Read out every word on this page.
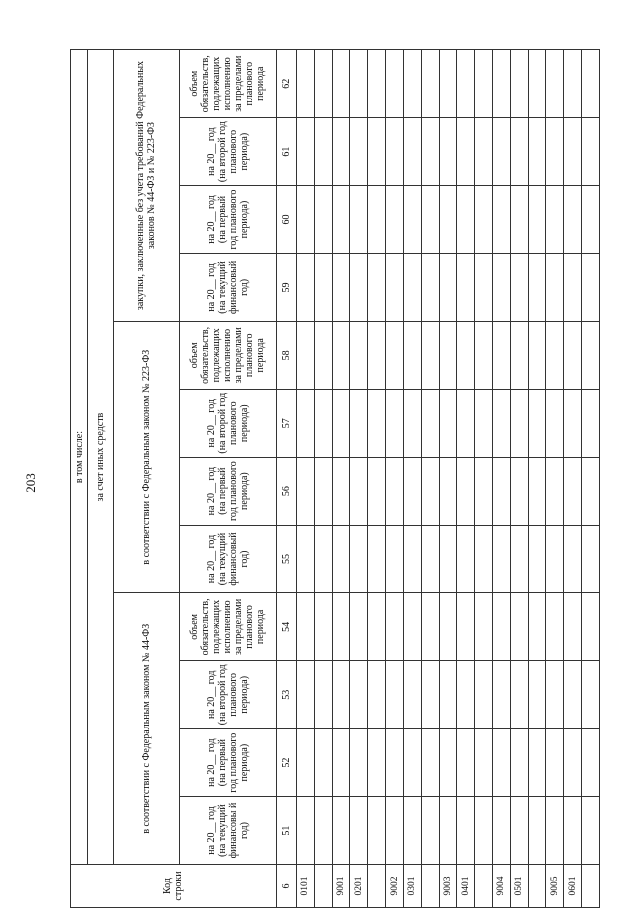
203
Код строки	в том числе:											
	за счет иных средств											
	в соответствии с Федеральным законом № 44-ФЗ				в соответствии с Федеральным законом № 223-ФЗ				закупки, заключенные без учета требований Федеральных законов № 44-ФЗ и № 223-ФЗ			
	на 20__ год (на текущий финансовы й год)	на 20__ год (на первый год планового периода)	на 20__ год (на второй год планового периода)	объем обязательств, подлежащих исполнению за пределами планового периода	на 20__ год (на текущий финансовый год)	на 20__ год (на первый год планового периода)	на 20__ год (на второй год планового периода)	объем обязательств, подлежащих исполнению за пределами планового периода	на 20__ год (на текущий финансовый год)	на 20__ год (на первый год планового периода)	на 20__ год (на второй год планового периода)	объем обязательств, подлежащих исполнению за пределами планового периода
6	51	52	53	54	55	56	57	58	59	60	61	62
0101												

9001												
0201												

9002												
0301												

9003												
0401												

9004												
0501												

9005												
0601												
